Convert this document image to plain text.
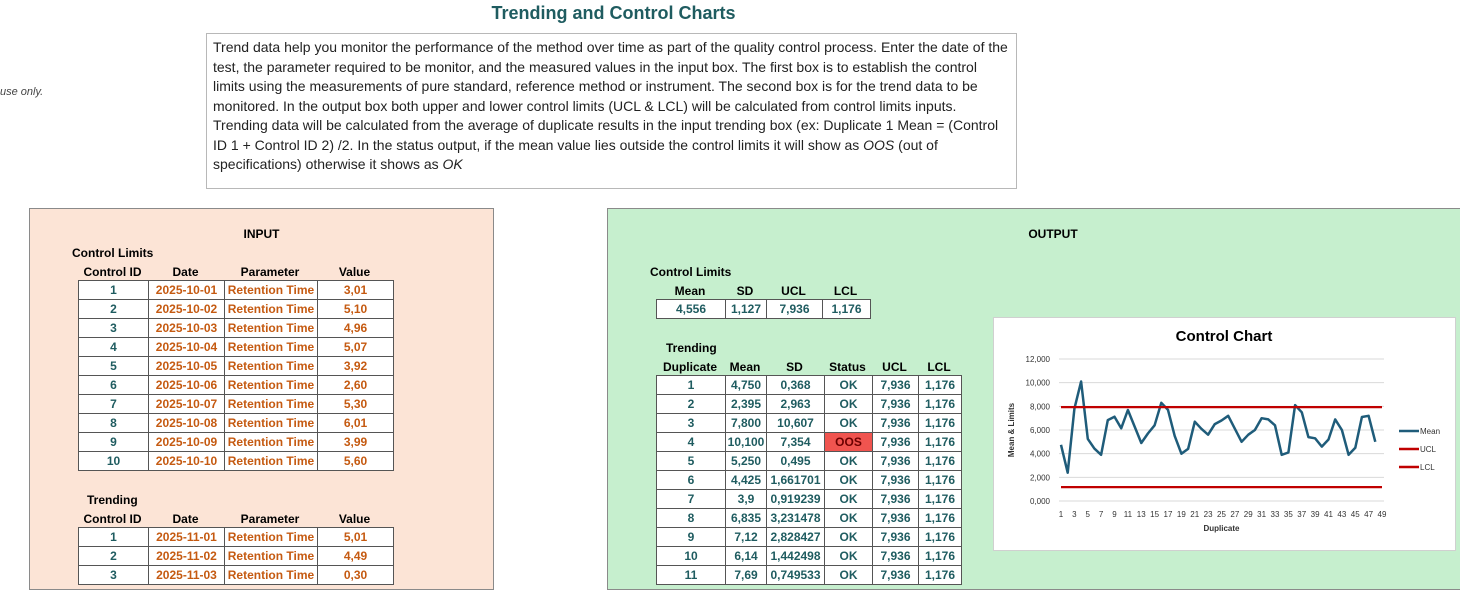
Trending and Control Charts
use only.
Trend data help you monitor the performance of the method over time as part of the quality control process. Enter the date of the test, the parameter required to be monitor, and the measured values in the input box. The first box is to establish the control limits using the measurements of pure standard, reference method or instrument. The second box is for the trend data to be monitored. In the output box both upper and lower control limits (UCL & LCL) will be calculated from control limits inputs. Trending data will be calculated from the average of duplicate results in the input trending box (ex: Duplicate 1 Mean = (Control ID 1 + Control ID 2) /2. In the status output, if the mean value lies outside the control limits it will show as OOS (out of specifications) otherwise it shows as OK
INPUT
Control Limits
Control ID	Date	Parameter	Value
1	2025-10-01	Retention Time	3,01
2	2025-10-02	Retention Time	5,10
3	2025-10-03	Retention Time	4,96
4	2025-10-04	Retention Time	5,07
5	2025-10-05	Retention Time	3,92
6	2025-10-06	Retention Time	2,60
7	2025-10-07	Retention Time	5,30
8	2025-10-08	Retention Time	6,01
9	2025-10-09	Retention Time	3,99
10	2025-10-10	Retention Time	5,60
Trending
Control ID	Date	Parameter	Value
1	2025-11-01	Retention Time	5,01
2	2025-11-02	Retention Time	4,49
3	2025-11-03	Retention Time	0,30
OUTPUT
Control Limits
Mean	SD	UCL	LCL
4,556	1,127	7,936	1,176
Trending
Duplicate	Mean	SD	Status	UCL	LCL
1	4,750	0,368	OK	7,936	1,176
2	2,395	2,963	OK	7,936	1,176
3	7,800	10,607	OK	7,936	1,176
4	10,100	7,354	OOS	7,936	1,176
5	5,250	0,495	OK	7,936	1,176
6	4,425	1,661701	OK	7,936	1,176
7	3,9	0,919239	OK	7,936	1,176
8	6,835	3,231478	OK	7,936	1,176
9	7,12	2,828427	OK	7,936	1,176
10	6,14	1,442498	OK	7,936	1,176
11	7,69	0,749533	OK	7,936	1,176
Control Chart
0,000
2,000
4,000
6,000
8,000
10,000
12,000
1 3 5 7 9 11 13 15 17 19 21 23 25 27 29 31 33 35 37 39 41 43 45 47 49
Duplicate
Mean & Limits	Mean
UCL
LCL
